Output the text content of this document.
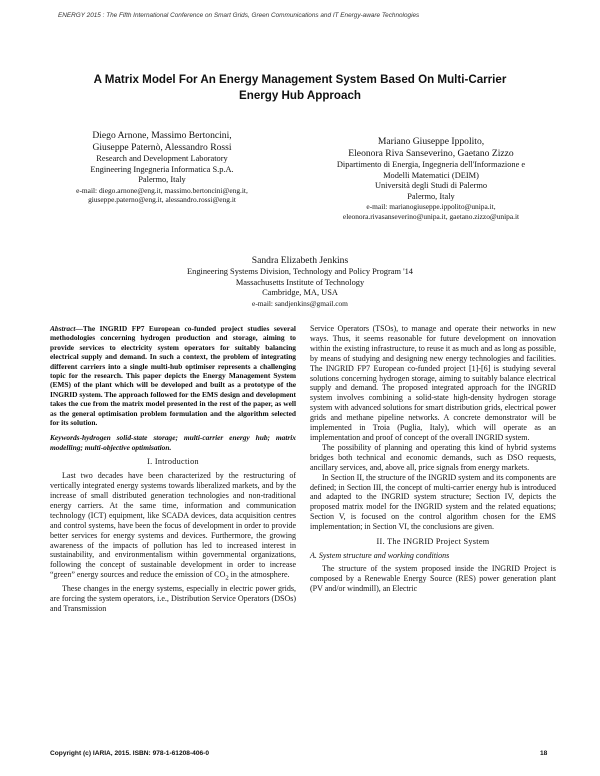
ENERGY 2015 : The Fifth International Conference on Smart Grids, Green Communications and IT Energy-aware Technologies
A Matrix Model For An Energy Management System Based On Multi-Carrier
Energy Hub Approach
Diego Arnone, Massimo Bertoncini,
Giuseppe Paternò, Alessandro Rossi
Research and Development Laboratory
Engineering Ingegneria Informatica S.p.A.
Palermo, Italy
e-mail: diego.arnone@eng.it, massimo.bertoncini@eng.it,
giuseppe.paterno@eng.it, alessandro.rossi@eng.it
Mariano Giuseppe Ippolito,
Eleonora Riva Sanseverino, Gaetano Zizzo
Dipartimento di Energia, Ingegneria dell'Informazione e
Modelli Matematici (DEIM)
Università degli Studi di Palermo
Palermo, Italy
e-mail: marianogiuseppe.ippolito@unipa.it,
eleonora.rivasanseverino@unipa.it, gaetano.zizzo@unipa.it
Sandra Elizabeth Jenkins
Engineering Systems Division, Technology and Policy Program '14
Massachusetts Institute of Technology
Cambridge, MA, USA
e-mail: sandjenkins@gmail.com

Abstract—The INGRID FP7 European co-funded project studies several methodologies concerning hydrogen production and storage, aiming to provide services to electricity system operators for suitably balancing electrical supply and demand. In such a context, the problem of integrating different carriers into a single multi-hub optimiser represents a challenging topic for the research. This paper depicts the Energy Management System (EMS) of the plant which will be developed and built as a prototype of the INGRID system. The approach followed for the EMS design and development takes the cue from the matrix model presented in the rest of the paper, as well as the general optimisation problem formulation and the algorithm selected for its solution.

Keywords-hydrogen solid-state storage; multi-carrier energy hub; matrix modelling; multi-objective optimisation.

I. Introduction

Last two decades have been characterized by the restructuring of vertically integrated energy systems towards liberalized markets, and by the increase of small distributed generation technologies and non-traditional energy carriers. At the same time, information and communication technology (ICT) equipment, like SCADA devices, data acquisition centres and control systems, have been the focus of development in order to provide better services for energy systems and devices. Furthermore, the growing awareness of the impacts of pollution has led to increased interest in sustainability, and environmentalism within governmental organizations, following the concept of sustainable development in order to increase “green” energy sources and reduce the emission of $CO_2$ in the atmosphere.

These changes in the energy systems, especially in electric power grids, are forcing the system operators, i.e., Distribution Service Operators (DSOs) and Transmission

Service Operators (TSOs), to manage and operate their networks in new ways. Thus, it seems reasonable for future development on innovation within the existing infrastructure, to reuse it as much and as long as possible, by means of studying and designing new energy technologies and facilities. The INGRID FP7 European co-funded project [1]-[6] is studying several solutions concerning hydrogen storage, aiming to suitably balance electrical supply and demand. The proposed integrated approach for the INGRID system involves combining a solid-state high-density hydrogen storage system with advanced solutions for smart distribution grids, electrical power grids and methane pipeline networks. A concrete demonstrator will be implemented in Troia (Puglia, Italy), which will operate as an implementation and proof of concept of the overall INGRID system.

The possibility of planning and operating this kind of hybrid systems bridges both technical and economic demands, such as DSO requests, ancillary services, and, above all, price signals from energy markets.

In Section II, the structure of the INGRID system and its components are defined; in Section III, the concept of multi-carrier energy hub is introduced and adapted to the INGRID system structure; Section IV, depicts the proposed matrix model for the INGRID system and the related equations; Section V, is focused on the control algorithm chosen for the EMS implementation; in Section VI, the conclusions are given.

II. The INGRID Project System

A. System structure and working conditions

The structure of the system proposed inside the INGRID Project is composed by a Renewable Energy Source (RES) power generation plant (PV and/or windmill), an Electric

Copyright (c) IARIA, 2015. ISBN: 978-1-61208-406-0	18
